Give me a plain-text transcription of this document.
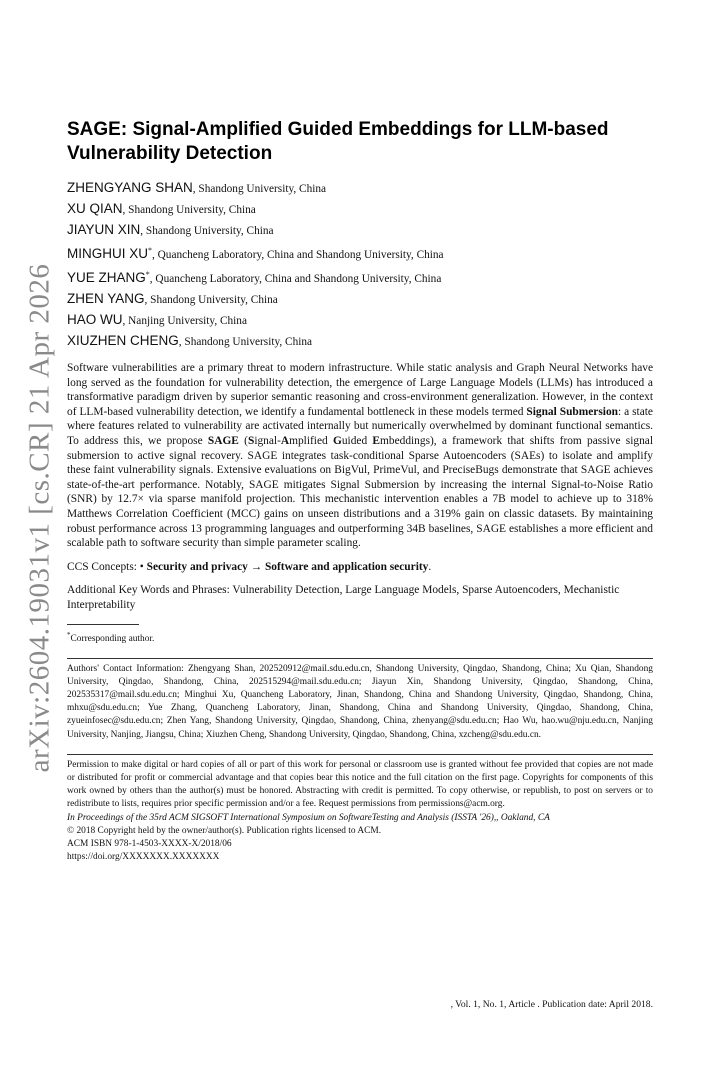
arXiv:2604.19031v1 [cs.CR] 21 Apr 2026
SAGE: Signal-Amplified Guided Embeddings for LLM-based
Vulnerability Detection
ZHENGYANG SHAN, Shandong University, China
XU QIAN, Shandong University, China
JIAYUN XIN, Shandong University, China
MINGHUI XU*, Quancheng Laboratory, China and Shandong University, China
YUE ZHANG*, Quancheng Laboratory, China and Shandong University, China
ZHEN YANG, Shandong University, China
HAO WU, Nanjing University, China
XIUZHEN CHENG, Shandong University, China

Software vulnerabilities are a primary threat to modern infrastructure. While static analysis and Graph Neural Networks have long served as the foundation for vulnerability detection, the emergence of Large Language Models (LLMs) has introduced a transformative paradigm driven by superior semantic reasoning and cross-environment generalization. However, in the context of LLM-based vulnerability detection, we identify a fundamental bottleneck in these models termed Signal Submersion: a state where features related to vulnerability are activated internally but numerically overwhelmed by dominant functional semantics. To address this, we propose SAGE (Signal-Amplified Guided Embeddings), a framework that shifts from passive signal submersion to active signal recovery. SAGE integrates task-conditional Sparse Autoencoders (SAEs) to isolate and amplify these faint vulnerability signals. Extensive evaluations on BigVul, PrimeVul, and PreciseBugs demonstrate that SAGE achieves state-of-the-art performance. Notably, SAGE mitigates Signal Submersion by increasing the internal Signal-to-Noise Ratio (SNR) by 12.7× via sparse manifold projection. This mechanistic intervention enables a 7B model to achieve up to 318% Matthews Correlation Coefficient (MCC) gains on unseen distributions and a 319% gain on classic datasets. By maintaining robust performance across 13 programming languages and outperforming 34B baselines, SAGE establishes a more efficient and scalable path to software security than simple parameter scaling.

CCS Concepts: • Security and privacy → Software and application security.
Additional Key Words and Phrases: Vulnerability Detection, Large Language Models, Sparse Autoencoders, Mechanistic Interpretability
*Corresponding author.
Authors' Contact Information: Zhengyang Shan, 202520912@mail.sdu.edu.cn, Shandong University, Qingdao, Shandong, China; Xu Qian, Shandong University, Qingdao, Shandong, China, 202515294@mail.sdu.edu.cn; Jiayun Xin, Shandong University, Qingdao, Shandong, China, 202535317@mail.sdu.edu.cn; Minghui Xu, Quancheng Laboratory, Jinan, Shandong, China and Shandong University, Qingdao, Shandong, China, mhxu@sdu.edu.cn; Yue Zhang, Quancheng Laboratory, Jinan, Shandong, China and Shandong University, Qingdao, Shandong, China, zyueinfosec@sdu.edu.cn; Zhen Yang, Shandong University, Qingdao, Shandong, China, zhenyang@sdu.edu.cn; Hao Wu, hao.wu@nju.edu.cn, Nanjing University, Nanjing, Jiangsu, China; Xiuzhen Cheng, Shandong University, Qingdao, Shandong, China, xzcheng@sdu.edu.cn.
Permission to make digital or hard copies of all or part of this work for personal or classroom use is granted without fee provided that copies are not made or distributed for profit or commercial advantage and that copies bear this notice and the full citation on the first page. Copyrights for components of this work owned by others than the author(s) must be honored. Abstracting with credit is permitted. To copy otherwise, or republish, to post on servers or to redistribute to lists, requires prior specific permission and/or a fee. Request permissions from permissions@acm.org.
In Proceedings of the 35rd ACM SIGSOFT International Symposium on SoftwareTesting and Analysis (ISSTA '26),, Oakland, CA
© 2018 Copyright held by the owner/author(s). Publication rights licensed to ACM.
ACM ISBN 978-1-4503-XXXX-X/2018/06
https://doi.org/XXXXXXX.XXXXXXX
, Vol. 1, No. 1, Article . Publication date: April 2018.
